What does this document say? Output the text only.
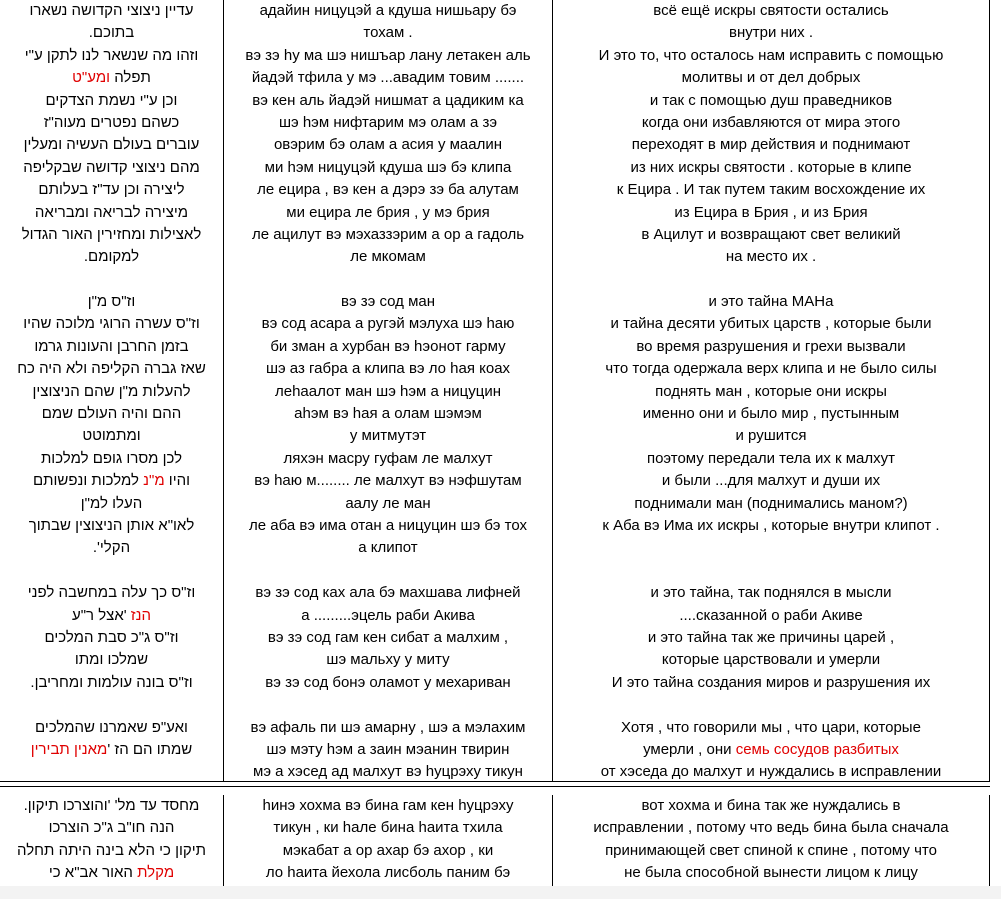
עדיין ניצוצי הקדושה נשארו
בתוכם.
וזהו מה שנשאר לנו לתקן ע"י
תפלה ומע"ט
וכן ע"י נשמת הצדקים
כשהם נפטרים מעוה"ז
עוברים בעולם העשיה ומעלין
מהם ניצוצי קדושה שבקליפה
ליצירה וכן עד"ז בעלותם
מיצירה לבריאה ומבריאה
לאצילות ומחזירין האור הגדול
למקומם.
וז"ס מ"ן
וז"ס עשרה הרוגי מלוכה שהיו
בזמן החרבן והעונות גרמו
שאז גברה הקליפה ולא היה כח
להעלות מ"ן שהם הניצוצין
ההם והיה העולם שמם
ומתמוטט
לכן מסרו גופם למלכות
והיו מ"נ למלכות ונפשותם
העלו למ"ן
לאו"א אותן הניצוצין שבתוך
הקלי'.
וז"ס כך עלה במחשבה לפני
הנז 'אצל ר"ע
וז"ס ג"כ סבת המלכים
שמלכו ומתו
וז"ס בונה עולמות ומחריבן.
ואע"פ שאמרנו שהמלכים
שמתו הם הז 'מאנין תבירין
адайин ницуцэй а кдуша нишьару бэ
тохам .
вэ зэ hу ма шэ нишъар лану летакен аль
йадэй тфила у мэ ...авадим товим .......
вэ кен аль йадэй нишмат а цадиким ка
шэ hэм нифтарим мэ олам а зэ
овэрим бэ олам а асия у маалин
ми hэм ницуцэй кдуша шэ бэ клипа
ле ецира , вэ кен а дэрэ зэ ба алутам
ми ецира ле брия , у мэ брия
ле ацилут вэ мэхаззэрим а ор а гадоль
ле мкомам
вэ зэ сод ман
вэ сод асара а ругэй мэлуха шэ hаю
би зман а хурбан вэ hэонот гарму
шэ аз габра а клипа вэ ло hая коах
леhаалот ман шэ hэм а ницуцин
аhэм вэ hая а олам шэмэм
у митмутэт
ляхэн масру гуфам ле малхут
вэ hаю м........ ле малхут вэ нэфшутам
аалу ле ман
ле аба вэ има отан а ницуцин шэ бэ тох
а клипот
вэ зэ сод ках ала бэ махшава лифней
а .........эцель раби Акива
вэ зэ сод гам кен сибат а малхим ,
шэ мальху у миту
вэ зэ сод бонэ оламот у мехариван
вэ афаль пи шэ амарну , шэ а мэлахим
шэ мэту hэм а заин мэанин твирин
мэ а хэсед ад малхут вэ hуцрэху тикун
всё ещё искры святости остались
внутри них .
И это то, что осталось нам исправить с помощью
молитвы и от дел добрых
и так с помощью душ праведников
когда они избавляются от мира этого
переходят в мир действия и поднимают
из них искры святости . которые в клипе
к Ецира . И так путем таким восхождение их
из Ецира в Брия , и из Брия
в Ацилут и возвращают свет великий
на место их .
и это тайна МАНа
и тайна десяти убитых царств , которые были
во время разрушения и грехи вызвали
что тогда одержала верх клипа и не было силы
поднять ман , которые они искры
именно они и было мир , пустынным
и рушится
поэтому передали тела их к малхут
и были ...для малхут и души их
поднимали ман (поднимались маном?)
к Аба вэ Има их искры , которые внутри клипот .
и это тайна, так поднялся в мысли
....сказанной о раби Акиве
и это тайна так же причины царей ,
которые царствовали и умерли
И это тайна создания миров и разрушения их
Хотя , что говорили мы , что цари, которые
умерли , они семь сосудов разбитых
от хэседа до малхут и нуждались в исправлении
מחסד עד מל' 'והוצרכו תיקון.
הנה חו"ב ג"כ הוצרכו
תיקון כי הלא בינה היתה תחלה
מקלת האור אב"א כי
hинэ хохма вэ бина гам кен hуцрэху
тикун , ки hале бина hаита тхила
мэкабат а ор ахар бэ ахор , ки
ло hаита йехола лисболь паним бэ
вот хохма и бина так же нуждались в
исправлении , потому что ведь бина была сначала
принимающей свет спиной к спине , потому что
не была способной вынести лицом к лицу
